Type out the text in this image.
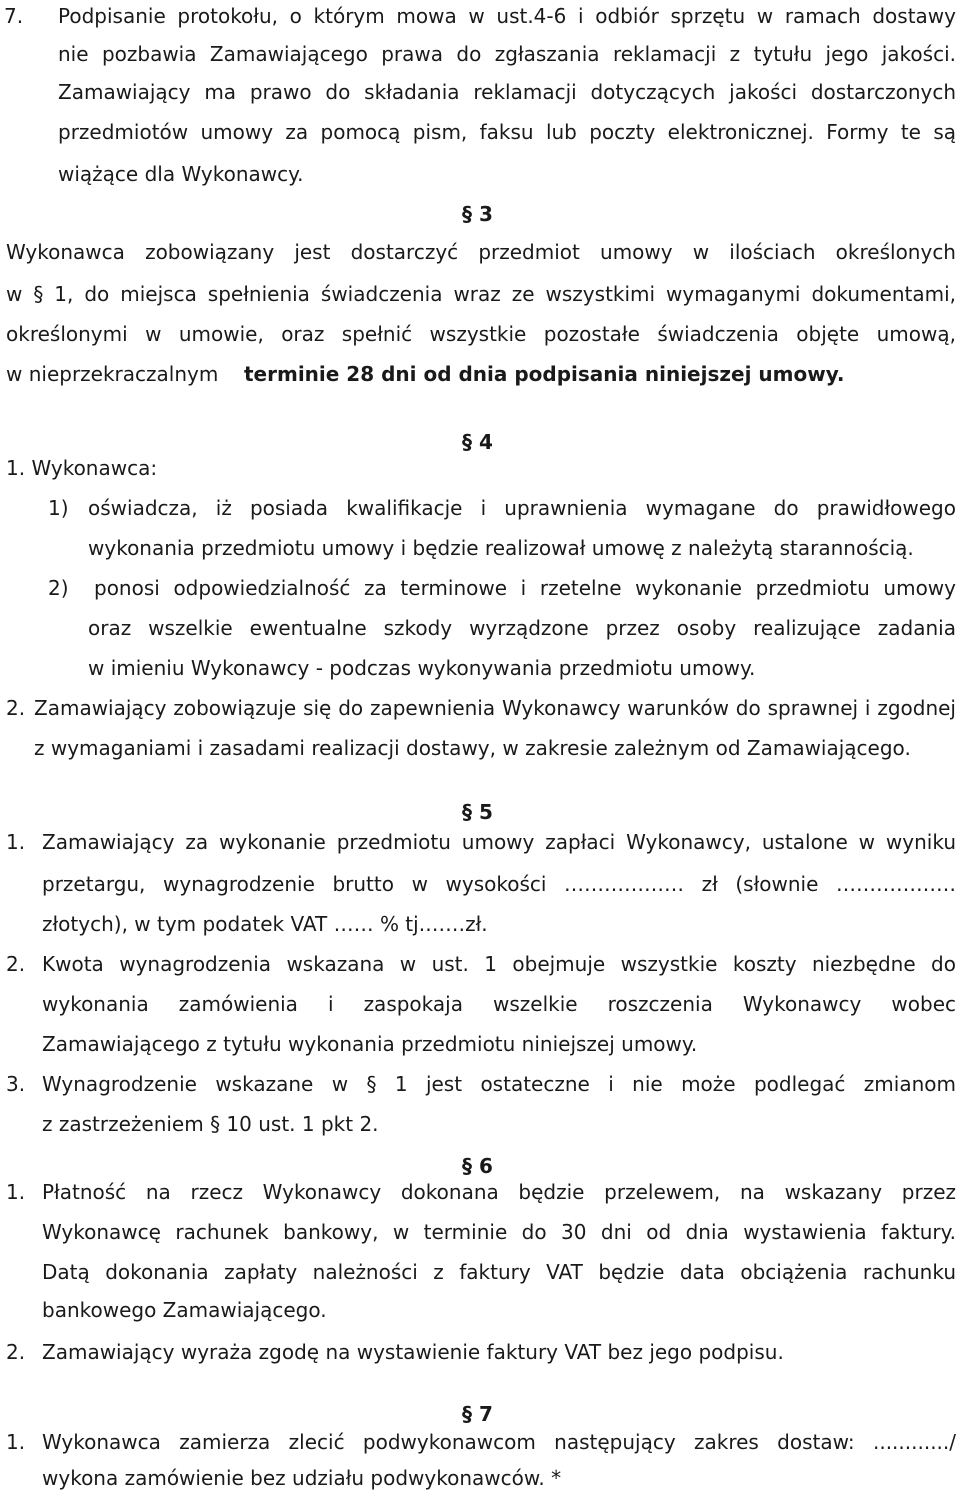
7. Podpisanie protokołu, o którym mowa w ust.4-6 i odbiór sprzętu w ramach dostawy
nie pozbawia Zamawiającego prawa do zgłaszania reklamacji z tytułu jego jakości.
Zamawiający ma prawo do składania reklamacji dotyczących jakości dostarczonych
przedmiotów umowy za pomocą pism, faksu lub poczty elektronicznej. Formy te są
wiążące dla Wykonawcy.
§ 3
Wykonawca zobowiązany jest dostarczyć przedmiot umowy w ilościach określonych
w § 1, do miejsca spełnienia świadczenia wraz ze wszystkimi wymaganymi dokumentami,
określonymi w umowie, oraz spełnić wszystkie pozostałe świadczenia objęte umową,
w nieprzekraczalnym terminie 28 dni od dnia podpisania niniejszej umowy.
§ 4
1. Wykonawca:
1) oświadcza, iż posiada kwalifikacje i uprawnienia wymagane do prawidłowego
wykonania przedmiotu umowy i będzie realizował umowę z należytą starannością.
2) ponosi odpowiedzialność za terminowe i rzetelne wykonanie przedmiotu umowy
oraz wszelkie ewentualne szkody wyrządzone przez osoby realizujące zadania
w imieniu Wykonawcy - podczas wykonywania przedmiotu umowy.
2. Zamawiający zobowiązuje się do zapewnienia Wykonawcy warunków do sprawnej i zgodnej
z wymaganiami i zasadami realizacji dostawy, w zakresie zależnym od Zamawiającego.
§ 5
1. Zamawiający za wykonanie przedmiotu umowy zapłaci Wykonawcy, ustalone w wyniku
przetargu, wynagrodzenie brutto w wysokości ……………… zł (słownie ………………
złotych), w tym podatek VAT …… % tj.……zł.
2. Kwota wynagrodzenia wskazana w ust. 1 obejmuje wszystkie koszty niezbędne do
wykonania zamówienia i zaspokaja wszelkie roszczenia Wykonawcy wobec
Zamawiającego z tytułu wykonania przedmiotu niniejszej umowy.
3. Wynagrodzenie wskazane w § 1 jest ostateczne i nie może podlegać zmianom
z zastrzeżeniem § 10 ust. 1 pkt 2.
§ 6
1. Płatność na rzecz Wykonawcy dokonana będzie przelewem, na wskazany przez
Wykonawcę rachunek bankowy, w terminie do 30 dni od dnia wystawienia faktury.
Datą dokonania zapłaty należności z faktury VAT będzie data obciążenia rachunku
bankowego Zamawiającego.
2. Zamawiający wyraża zgodę na wystawienie faktury VAT bez jego podpisu.
§ 7
1. Wykonawca zamierza zlecić podwykonawcom następujący zakres dostaw: ............/
wykona zamówienie bez udziału podwykonawców. *
